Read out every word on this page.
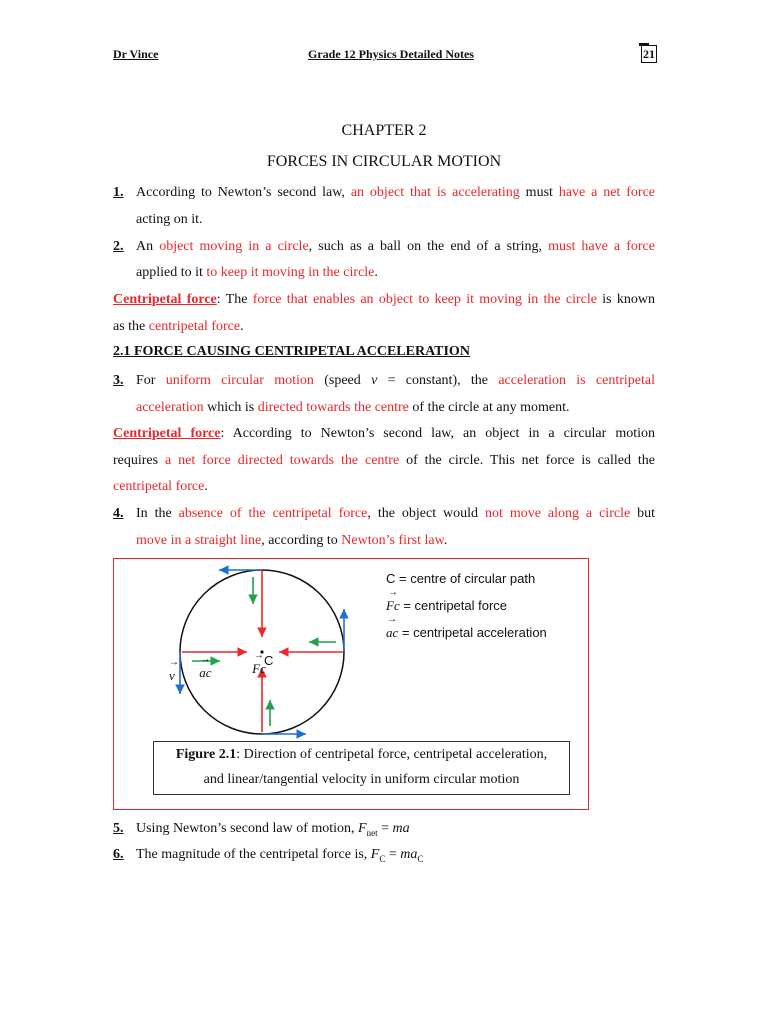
Dr Vince	Grade 12 Physics Detailed Notes	21
CHAPTER 2
FORCES IN CIRCULAR MOTION
1. According to Newton’s second law, an object that is accelerating must have a net force
acting on it.
2. An object moving in a circle, such as a ball on the end of a string, must have a force
applied to it to keep it moving in the circle.
Centripetal force: The force that enables an object to keep it moving in the circle is known
as the centripetal force.
2.1 FORCE CAUSING CENTRIPETAL ACCELERATION
3. For uniform circular motion (speed v = constant), the acceleration is centripetal
acceleration which is directed towards the centre of the circle at any moment.
Centripetal force: According to Newton’s second law, an object in a circular motion
requires a net force directed towards the centre of the circle. This net force is called the
centripetal force.
4. In the absence of the centripetal force, the object would not move along a circle but
move in a straight line, according to Newton’s first law.
C
→ v → ac	→ Fc
C = centre of circular path
→ Fc = centripetal force
→ ac = centripetal acceleration
Figure 2.1: Direction of centripetal force, centripetal acceleration,
and linear/tangential velocity in uniform circular motion
5. Using Newton’s second law of motion, $F_{net}$ = ma
6. The magnitude of the centripetal force is, $F_C = ma_C$
